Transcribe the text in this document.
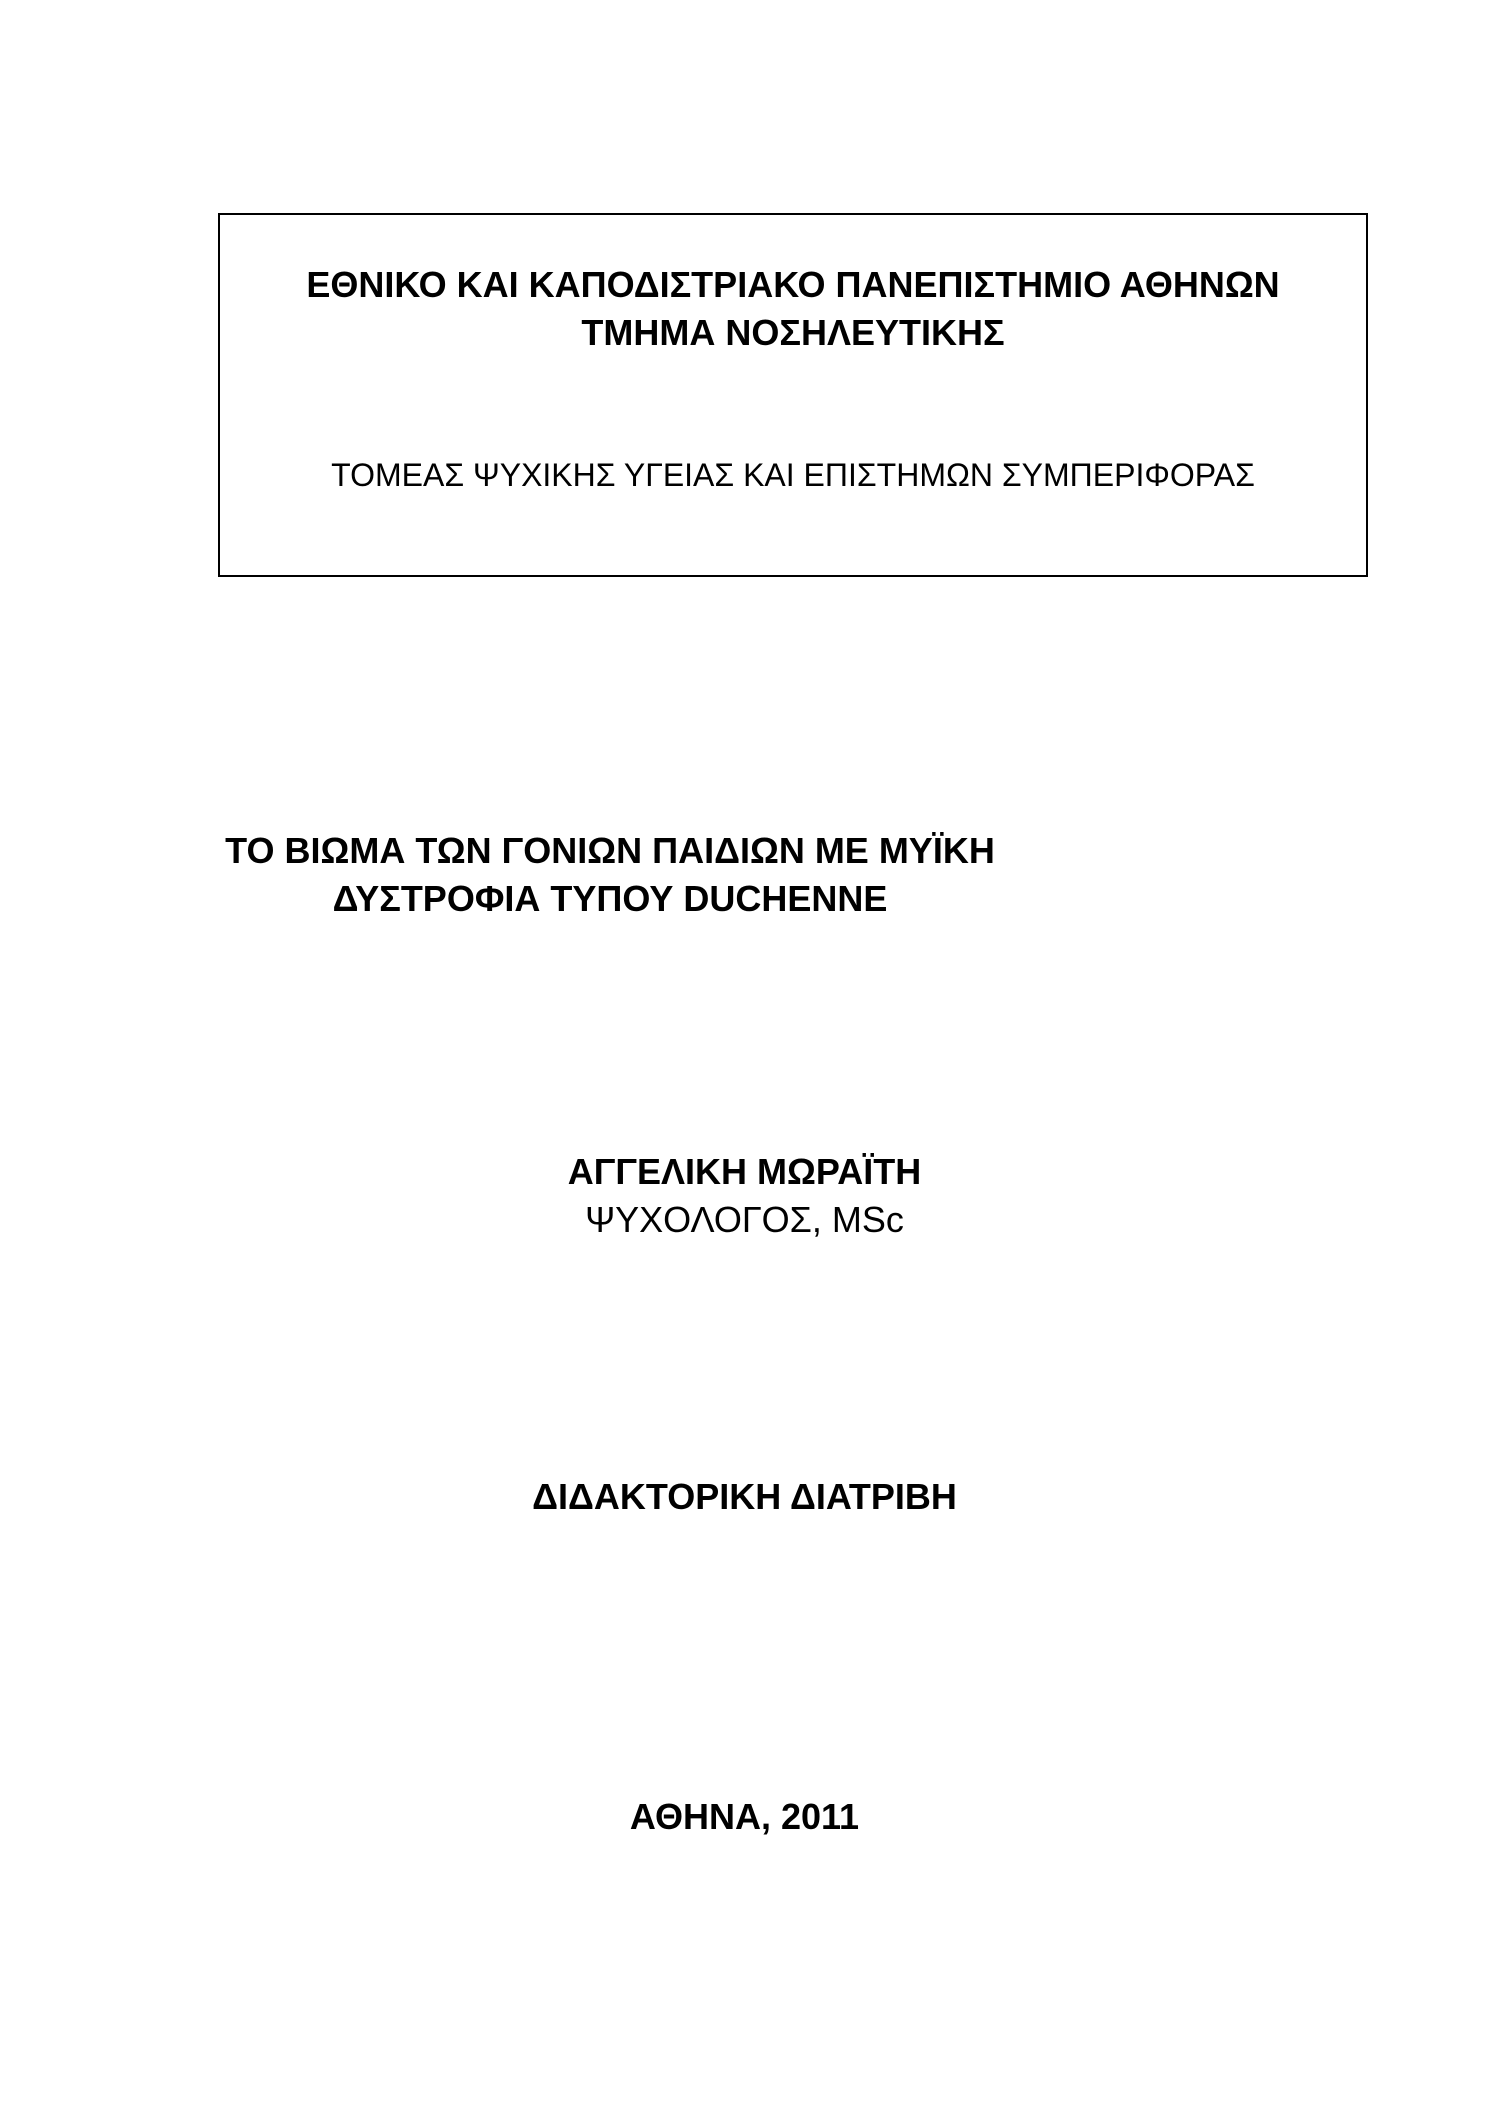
ΕΘΝΙΚΟ ΚΑΙ ΚΑΠΟΔΙΣΤΡΙΑΚΟ ΠΑΝΕΠΙΣΤΗΜΙΟ ΑΘΗΝΩΝ
ΤΜΗΜΑ ΝΟΣΗΛΕΥΤΙΚΗΣ
ΤΟΜΕΑΣ ΨΥΧΙΚΗΣ ΥΓΕΙΑΣ ΚΑΙ ΕΠΙΣΤΗΜΩΝ ΣΥΜΠΕΡΙΦΟΡΑΣ
ΤΟ ΒΙΩΜΑ ΤΩΝ ΓΟΝΙΩΝ ΠΑΙΔΙΩΝ ΜΕ ΜΥΪΚΗ
ΔΥΣΤΡΟΦΙΑ ΤΥΠΟΥ DUCHENNE
ΑΓΓΕΛΙΚΗ ΜΩΡΑΪΤΗ
ΨΥΧΟΛΟΓΟΣ, MSc
ΔΙΔΑΚΤΟΡΙΚΗ ΔΙΑΤΡΙΒΗ
ΑΘΗΝΑ, 2011
